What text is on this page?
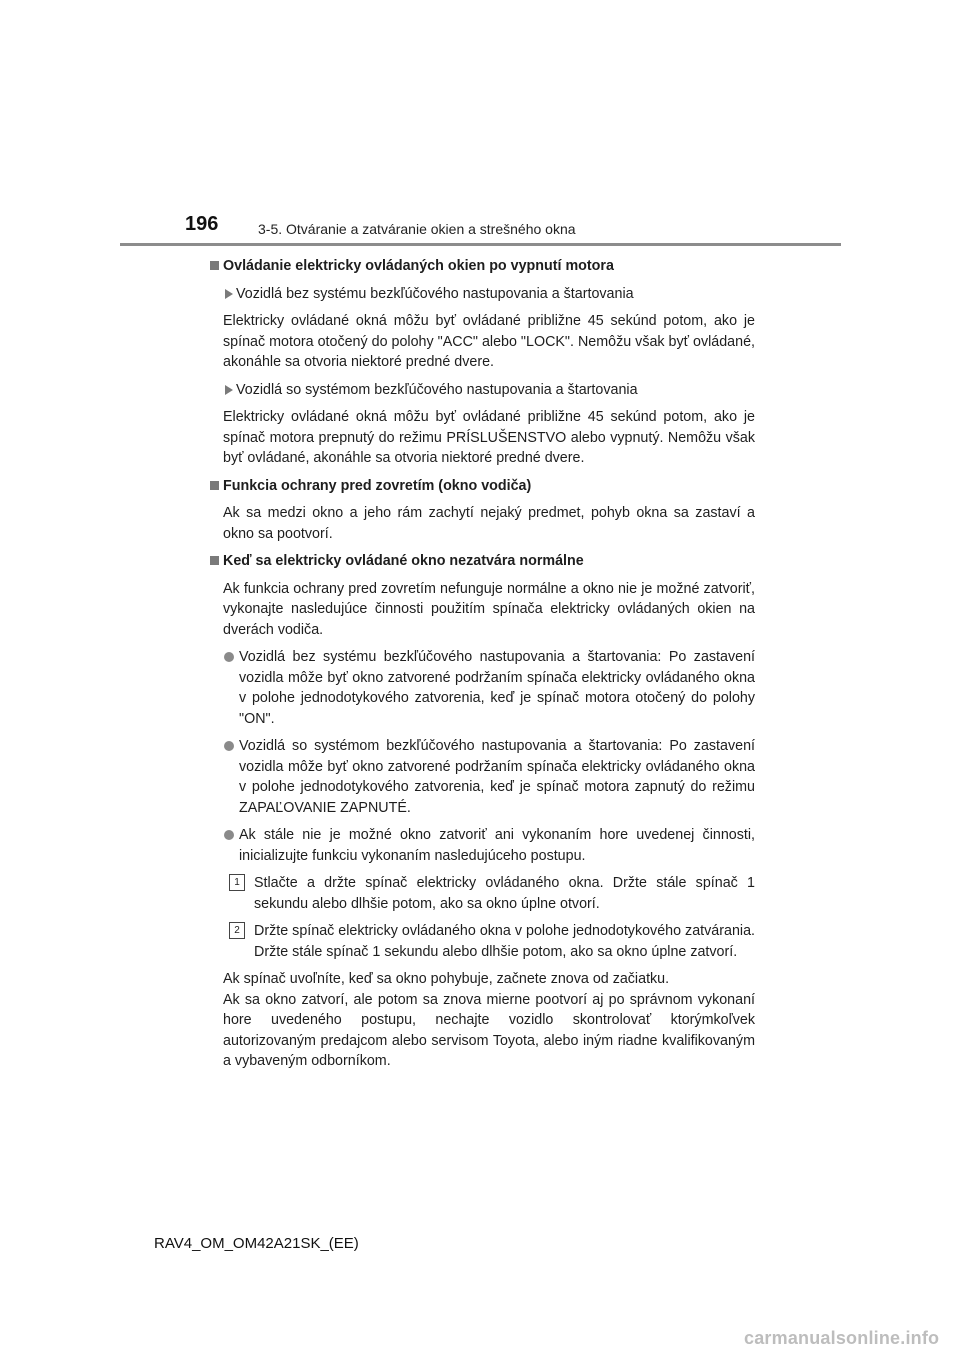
196	3-5. Otváranie a zatváranie okien a strešného okna
Ovládanie elektricky ovládaných okien po vypnutí motora
Vozidlá bez systému bezkľúčového nastupovania a štartovania
Elektricky ovládané okná môžu byť ovládané približne 45 sekúnd potom, ako je spínač motora otočený do polohy "ACC" alebo "LOCK". Nemôžu však byť ovládané, akonáhle sa otvoria niektoré predné dvere.
Vozidlá so systémom bezkľúčového nastupovania a štartovania
Elektricky ovládané okná môžu byť ovládané približne 45 sekúnd potom, ako je spínač motora prepnutý do režimu PRÍSLUŠENSTVO alebo vypnutý. Nemôžu však byť ovládané, akonáhle sa otvoria niektoré predné dvere.
Funkcia ochrany pred zovretím (okno vodiča)
Ak sa medzi okno a jeho rám zachytí nejaký predmet, pohyb okna sa zastaví a okno sa pootvorí.
Keď sa elektricky ovládané okno nezatvára normálne
Ak funkcia ochrany pred zovretím nefunguje normálne a okno nie je možné zatvoriť, vykonajte nasledujúce činnosti použitím spínača elektricky ovládaných okien na dverách vodiča.
Vozidlá bez systému bezkľúčového nastupovania a štartovania: Po zastavení vozidla môže byť okno zatvorené podržaním spínača elektricky ovládaného okna v polohe jednodotykového zatvorenia, keď je spínač motora otočený do polohy "ON".
Vozidlá so systémom bezkľúčového nastupovania a štartovania: Po zastavení vozidla môže byť okno zatvorené podržaním spínača elektricky ovládaného okna v polohe jednodotykového zatvorenia, keď je spínač motora zapnutý do režimu ZAPAĽOVANIE ZAPNUTÉ.
Ak stále nie je možné okno zatvoriť ani vykonaním hore uvedenej činnosti, inicializujte funkciu vykonaním nasledujúceho postupu.
1 Stlačte a držte spínač elektricky ovládaného okna. Držte stále spínač 1 sekundu alebo dlhšie potom, ako sa okno úplne otvorí.
2 Držte spínač elektricky ovládaného okna v polohe jednodotykového zatvárania. Držte stále spínač 1 sekundu alebo dlhšie potom, ako sa okno úplne zatvorí.
Ak spínač uvoľníte, keď sa okno pohybuje, začnete znova od začiatku.
Ak sa okno zatvorí, ale potom sa znova mierne pootvorí aj po správnom vykonaní hore uvedeného postupu, nechajte vozidlo skontrolovať ktorýmkoľvek autorizovaným predajcom alebo servisom Toyota, alebo iným riadne kvalifikovaným a vybaveným odborníkom.
RAV4_OM_OM42A21SK_(EE)
carmanualsonline.info
